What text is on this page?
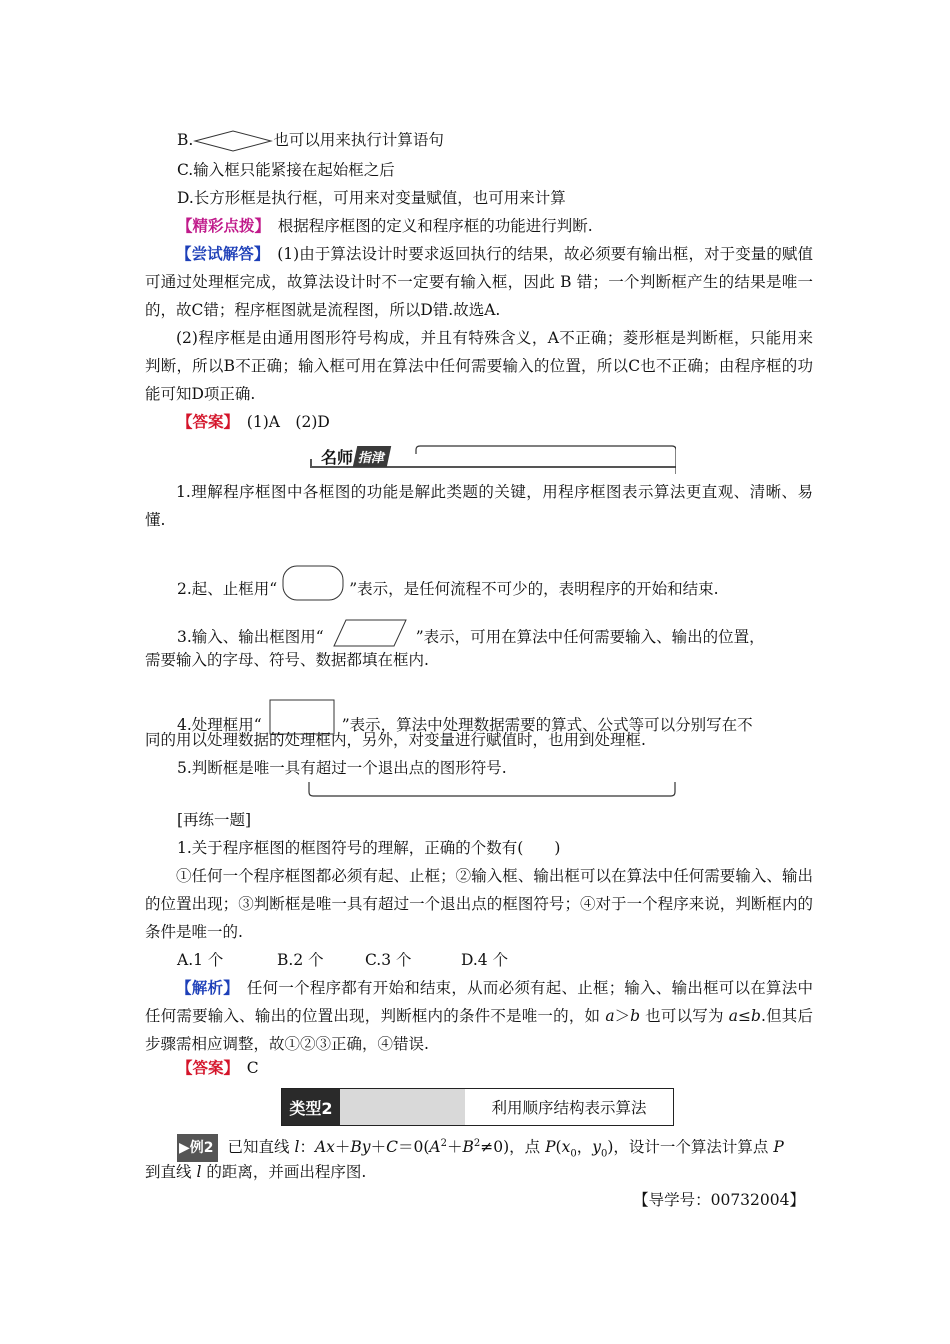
B.	也可以用来执行计算语句
C.输入框只能紧接在起始框之后
D.长方形框是执行框，可用来对变量赋值，也可用来计算
【精彩点拨】　 根据程序框图的定义和程序框的功能进行判断.
【尝试解答】　 (1)由于算法设计时要求返回执行的结果，故必须要有输出框，对于变量的赋值可通过处理框完成，故算法设计时不一定要有输入框，因此 B 错；一个判断框产生的结果是唯一的，故C错；程序框图就是流程图，所以D错.故选A.
(2)程序框是由通用图形符号构成，并且有特殊含义，A不正确；菱形框是判断框，只能用来判断，所以B不正确；输入框可用在算法中任何需要输入的位置，所以C也不正确；由程序框的功能可知D项正确.
【答案】　 (1)A　(2)D
名师 指津
1.理解程序框图中各框图的功能是解此类题的关键，用程序框图表示算法更直观、清晰、易懂.
2.起、止框用“	”表示，是任何流程不可少的，表明程序的开始和结束.
3.输入、输出框图用“	”表示，可用在算法中任何需要输入、输出的位置，
需要输入的字母、符号、数据都填在框内.
4.处理框用“	”表示，算法中处理数据需要的算式、公式等可以分别写在不
同的用以处理数据的处理框内，另外，对变量进行赋值时，也用到处理框.
5.判断框是唯一具有超过一个退出点的图形符号.
[再练一题]
1.关于程序框图的框图符号的理解，正确的个数有(　　)
①任何一个程序框图都必须有起、止框；②输入框、输出框可以在算法中任何需要输入、输出的位置出现；③判断框是唯一具有超过一个退出点的框图符号；④对于一个程序来说，判断框内的条件是唯一的.
A.1 个	B.2 个	C.3 个	D.4 个
【解析】　 任何一个程序都有开始和结束，从而必须有起、止框；输入、输出框可以在算法中任何需要输入、输出的位置出现，判断框内的条件不是唯一的，如 a＞b 也可以写为 a≤b.但其后步骤需相应调整，故①②③正确，④错误.
【答案】　 C
类型2	利用顺序结构表示算法
▶例2 已知直线 l：$Ax+By+C=0(A^2+B^2\ne 0)$，点 $P(x_0$，$y_0$)，设计一个算法计算点 P
到直线 l 的距离，并画出程序图.
【导学号：00732004】
